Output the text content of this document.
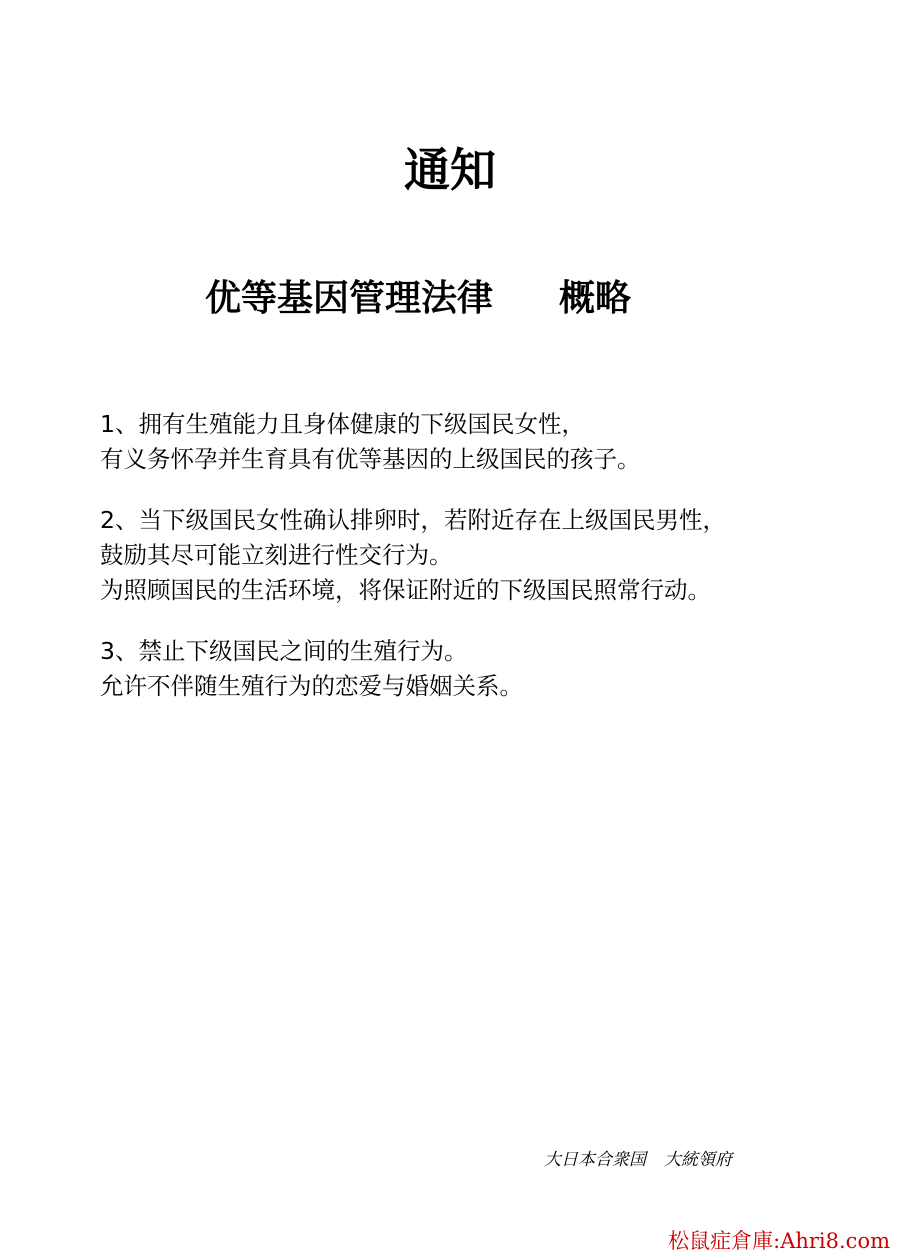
通知
优等基因管理法律 概略
1、拥有生殖能力且身体健康的下级国民女性，
有义务怀孕并生育具有优等基因的上级国民的孩子。
2、当下级国民女性确认排卵时，若附近存在上级国民男性，
鼓励其尽可能立刻进行性交行为。
为照顾国民的生活环境，将保证附近的下级国民照常行动。
3、禁止下级国民之间的生殖行为。
允许不伴随生殖行为的恋爱与婚姻关系。
大日本合衆国 大統領府
松鼠症倉庫:Ahri8.com
